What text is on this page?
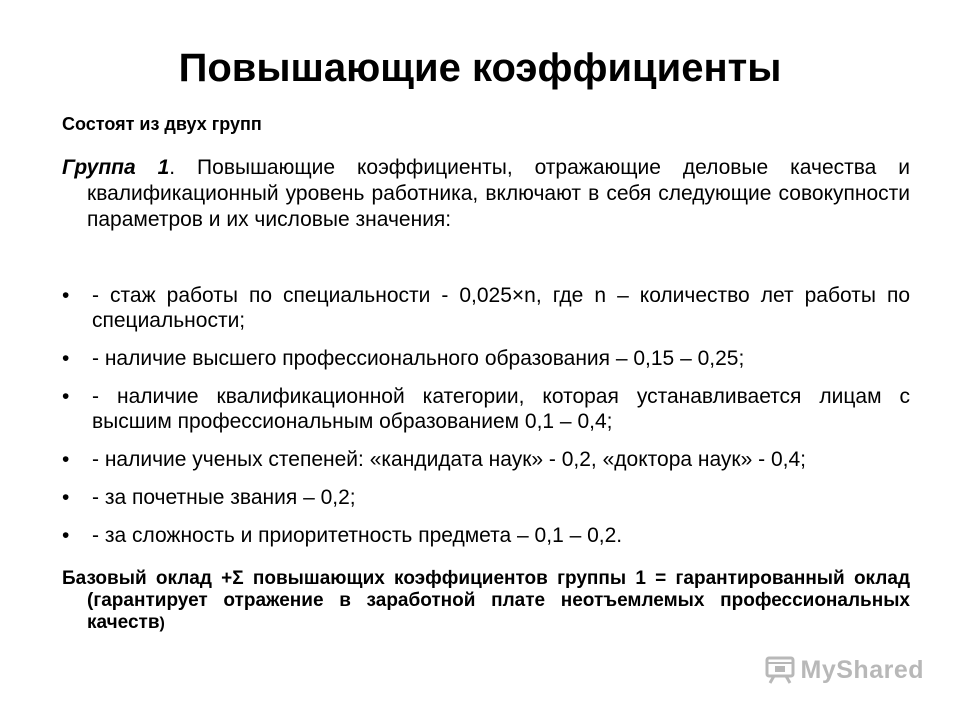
Повышающие коэффициенты

Состоят из двух групп

Группа 1. Повышающие коэффициенты, отражающие деловые качества и квалификационный уровень работника, включают в себя следующие совокупности параметров и их числовые значения:

•	- стаж работы по специальности - 0,025×n, где n – количество лет работы по специальности;
•	- наличие высшего профессионального образования – 0,15 – 0,25;
•	- наличие квалификационной категории, которая устанавливается лицам с высшим профессиональным образованием 0,1 – 0,4;
•	- наличие ученых степеней: «кандидата наук» - 0,2, «доктора наук» - 0,4;
•	- за почетные звания – 0,2;
•	- за сложность и приоритетность предмета – 0,1 – 0,2.

Базовый оклад +Σ повышающих коэффициентов группы 1 = гарантированный оклад (гарантирует отражение в заработной плате неотъемлемых профессиональных качеств)

MyShared
